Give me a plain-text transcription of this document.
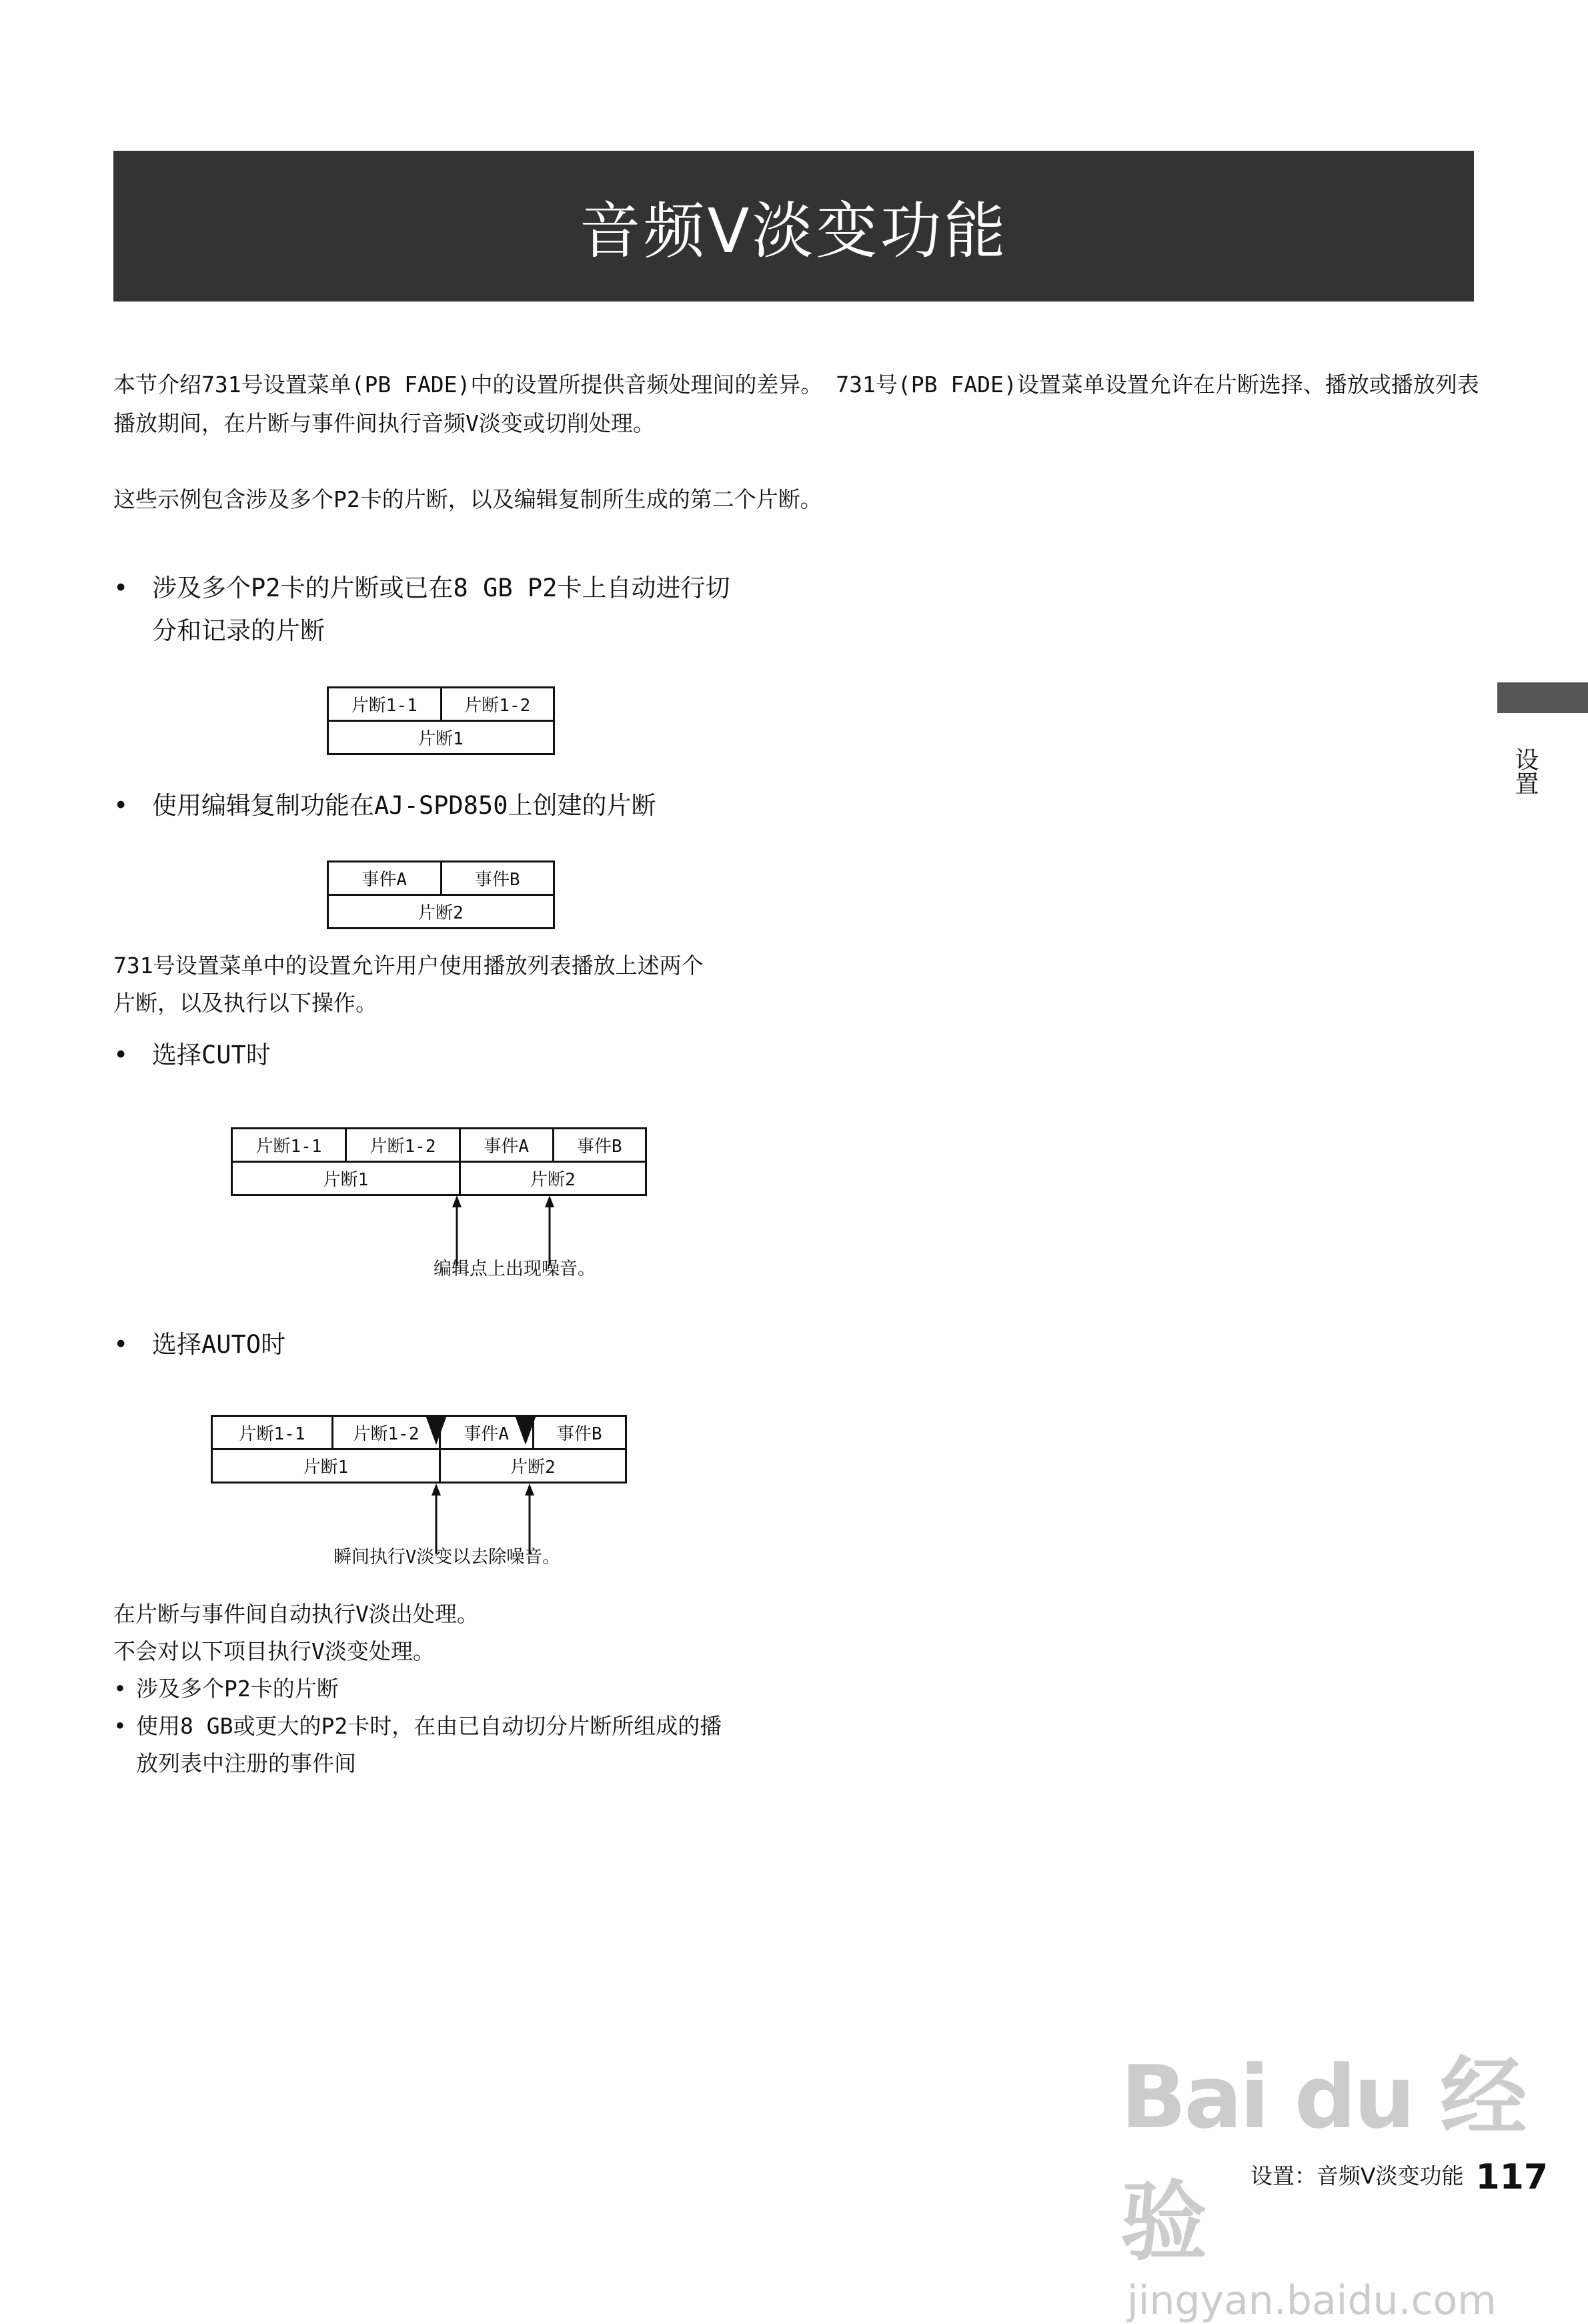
音频V淡变功能
本节介绍731号设置菜单(PB FADE)中的设置所提供音频处理间的差异。 731号(PB FADE)设置菜单设置允许在片断选择、播放或播放列表播放期间，在片断与事件间执行音频V淡变或切削处理。
这些示例包含涉及多个P2卡的片断，以及编辑复制所生成的第二个片断。
• 涉及多个P2卡的片断或已在8 GB P2卡上自动进行切
分和记录的片断
片断1-1	片断1-2
片断1
• 使用编辑复制功能在AJ-SPD850上创建的片断
事件A	事件B
片断2
731号设置菜单中的设置允许用户使用播放列表播放上述两个
片断，以及执行以下操作。
• 选择CUT时
片断1-1	片断1-2	事件A	事件B
片断1		片断2	
编辑点上出现噪音。
• 选择AUTO时
片断1-1	片断1-2	事件A	事件B
片断1		片断2	
瞬间执行V淡变以去除噪音。
在片断与事件间自动执行V淡出处理。
不会对以下项目执行V淡变处理。
• 涉及多个P2卡的片断
• 使用8 GB或更大的P2卡时，在由已自动切分片断所组成的播
放列表中注册的事件间
设置
Bai du 经验
jingyan.baidu.com
设置：音频V淡变功能 117
